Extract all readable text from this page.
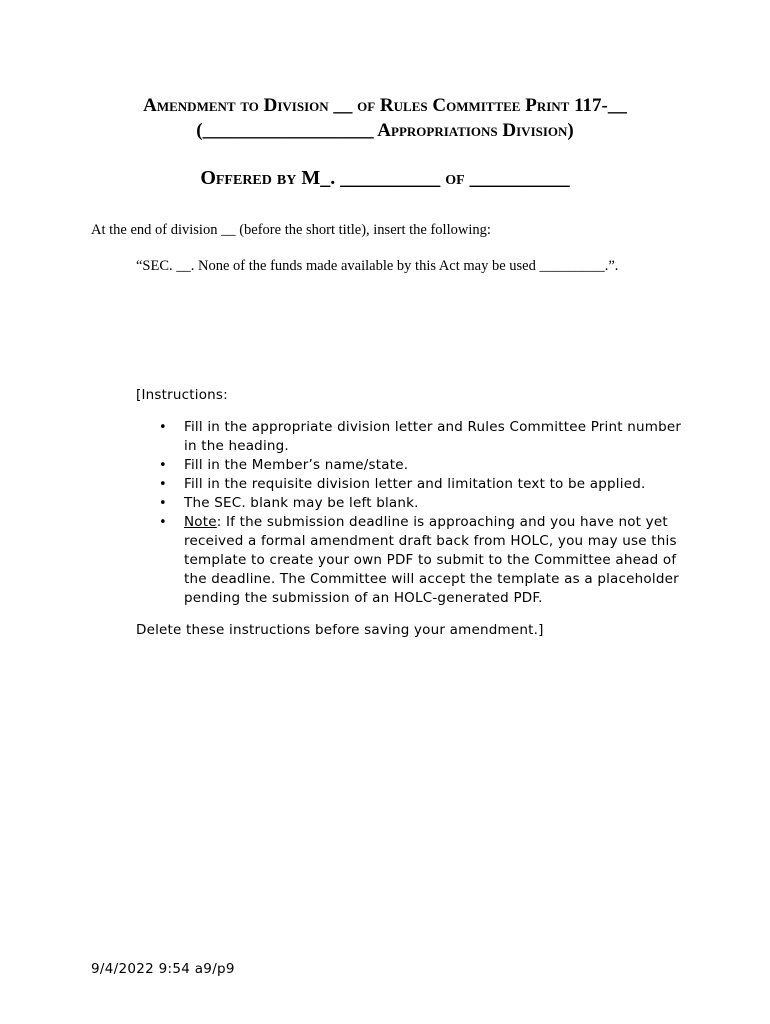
Amendment to Division __ of Rules Committee Print 117-__
(__________________ Appropriations Division)
Offered by M_. __________ of __________
At the end of division __ (before the short title), insert the following:
“SEC. __. None of the funds made available by this Act may be used _________.”.
[Instructions:
• Fill in the appropriate division letter and Rules Committee Print number in the heading.
• Fill in the Member’s name/state.
• Fill in the requisite division letter and limitation text to be applied.
• The SEC. blank may be left blank.
• Note: If the submission deadline is approaching and you have not yet received a formal amendment draft back from HOLC, you may use this template to create your own PDF to submit to the Committee ahead of the deadline. The Committee will accept the template as a placeholder pending the submission of an HOLC-generated PDF.
Delete these instructions before saving your amendment.]
9/4/2022 9:54 a9/p9
